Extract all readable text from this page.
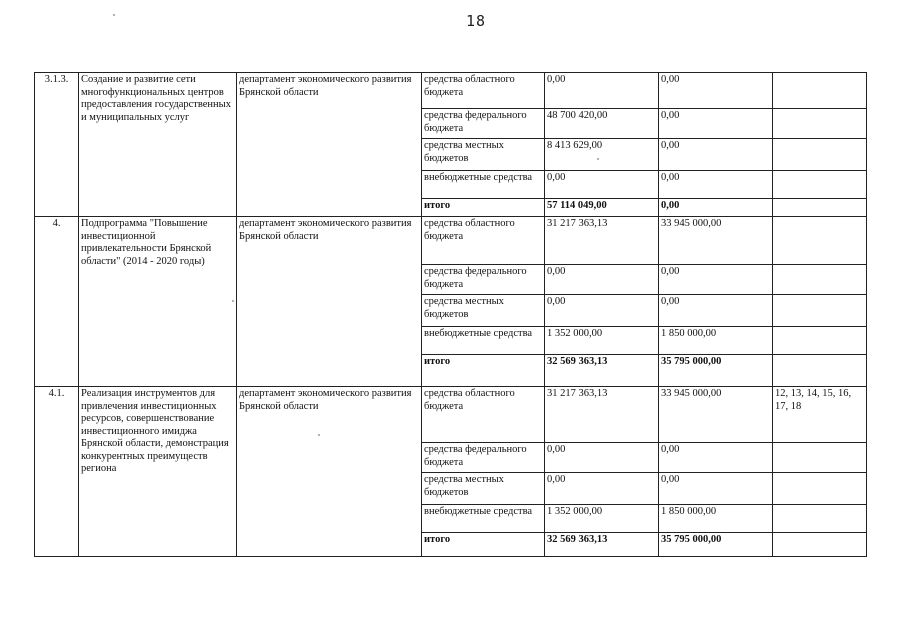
18
3.1.3.	Создание и развитие сети многофункциональных центров предоставления государственных и муниципальных услуг	департамент экономического развития Брянской области	средства областного бюджета	0,00	0,00	
			средства федерального бюджета	48 700 420,00	0,00	
			средства местных бюджетов	8 413 629,00	0,00	
			внебюджетные средства	0,00	0,00	
			итого	57 114 049,00	0,00	
4.	Подпрограмма "Повышение инвестиционной привлекательности Брянской области" (2014 - 2020 годы)	департамент экономического развития Брянской области	средства областного бюджета	31 217 363,13	33 945 000,00	
			средства федерального бюджета	0,00	0,00	
			средства местных бюджетов	0,00	0,00	
			внебюджетные средства	1 352 000,00	1 850 000,00	
			итого	32 569 363,13	35 795 000,00	
4.1.	Реализация инструментов для привлечения инвестиционных ресурсов, совершенствование инвестиционного имиджа Брянской области, демонстрация конкурентных преимуществ региона	департамент экономического развития Брянской области	средства областного бюджета	31 217 363,13	33 945 000,00	12, 13, 14, 15, 16, 17, 18
			средства федерального бюджета	0,00	0,00	
			средства местных бюджетов	0,00	0,00	
			внебюджетные средства	1 352 000,00	1 850 000,00	
			итого	32 569 363,13	35 795 000,00	
